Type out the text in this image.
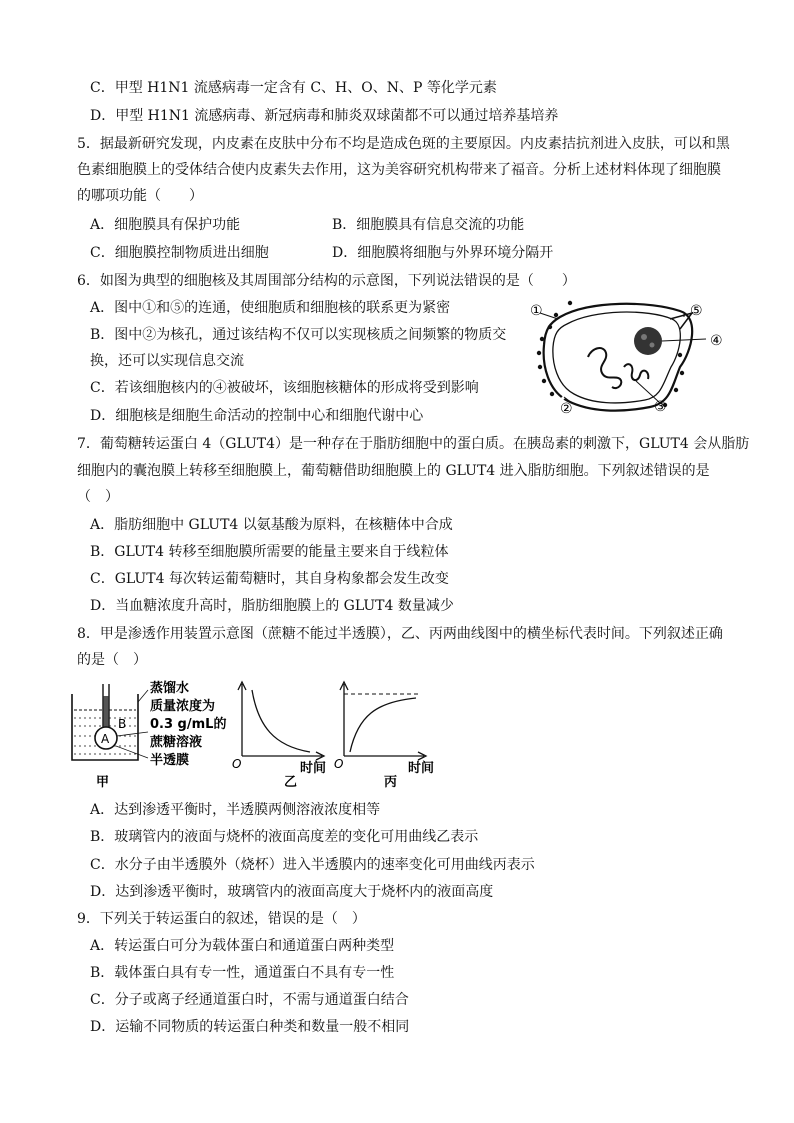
C．甲型 H1N1 流感病毒一定含有 C、H、O、N、P 等化学元素
D．甲型 H1N1 流感病毒、新冠病毒和肺炎双球菌都不可以通过培养基培养
5．据最新研究发现，内皮素在皮肤中分布不均是造成色斑的主要原因。内皮素拮抗剂进入皮肤，可以和黑
色素细胞膜上的受体结合使内皮素失去作用，这为美容研究机构带来了福音。分析上述材料体现了细胞膜
的哪项功能（　　）
A．细胞膜具有保护功能	B．细胞膜具有信息交流的功能
C．细胞膜控制物质进出细胞	D．细胞膜将细胞与外界环境分隔开
6．如图为典型的细胞核及其周围部分结构的示意图，下列说法错误的是（　　）
A．图中①和⑤的连通，使细胞质和细胞核的联系更为紧密
B．图中②为核孔，通过该结构不仅可以实现核质之间频繁的物质交
换，还可以实现信息交流
C．若该细胞核内的④被破坏，该细胞核糖体的形成将受到影响
D．细胞核是细胞生命活动的控制中心和细胞代谢中心
①
②	③
④
⑤
7．葡萄糖转运蛋白 4（GLUT4）是一种存在于脂肪细胞中的蛋白质。在胰岛素的刺激下，GLUT4 会从脂肪
细胞内的囊泡膜上转移至细胞膜上，葡萄糖借助细胞膜上的 GLUT4 进入脂肪细胞。下列叙述错误的是
（　）
A．脂肪细胞中 GLUT4 以氨基酸为原料，在核糖体中合成
B．GLUT4 转移至细胞膜所需要的能量主要来自于线粒体
C．GLUT4 每次转运葡萄糖时，其自身构象都会发生改变
D．当血糖浓度升高时，脂肪细胞膜上的 GLUT4 数量减少
8．甲是渗透作用装置示意图（蔗糖不能过半透膜），乙、丙两曲线图中的横坐标代表时间。下列叙述正确
的是（　）
A
B
蒸馏水
质量浓度为
0.3 g/mL的
蔗糖溶液
半透膜
甲
O	时间
乙
O	时间
丙
A．达到渗透平衡时，半透膜两侧溶液浓度相等
B．玻璃管内的液面与烧杯的液面高度差的变化可用曲线乙表示
C．水分子由半透膜外（烧杯）进入半透膜内的速率变化可用曲线丙表示
D．达到渗透平衡时，玻璃管内的液面高度大于烧杯内的液面高度
9．下列关于转运蛋白的叙述，错误的是（　）
A．转运蛋白可分为载体蛋白和通道蛋白两种类型
B．载体蛋白具有专一性，通道蛋白不具有专一性
C．分子或离子经通道蛋白时，不需与通道蛋白结合
D．运输不同物质的转运蛋白种类和数量一般不相同
